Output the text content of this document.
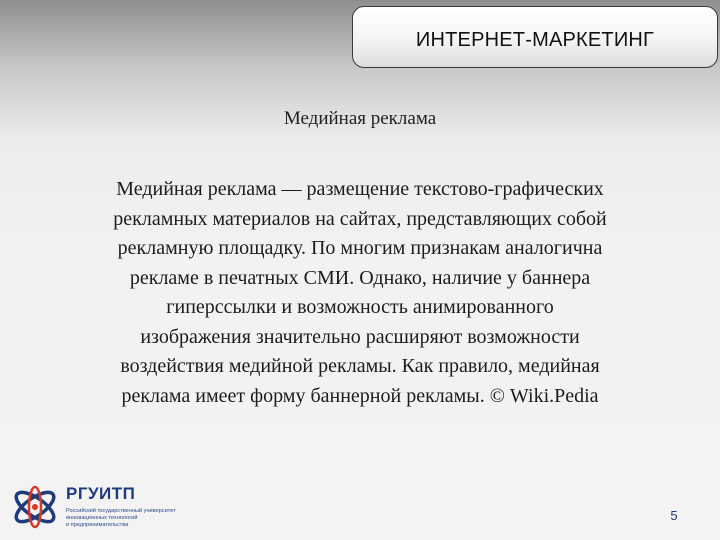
ИНТЕРНЕТ-МАРКЕТИНГ
Медийная реклама
Медийная реклама — размещение текстово-графических
рекламных материалов на сайтах, представляющих собой
рекламную площадку. По многим признакам аналогична
рекламе в печатных СМИ. Однако, наличие у баннера
гиперссылки и возможность анимированного
изображения значительно расширяют возможности
воздействия медийной рекламы. Как правило, медийная
реклама имеет форму баннерной рекламы. © Wiki.Pedia
РГУИТП
Российский государственный университет
инновационных технологий
и предпринимательства
5
